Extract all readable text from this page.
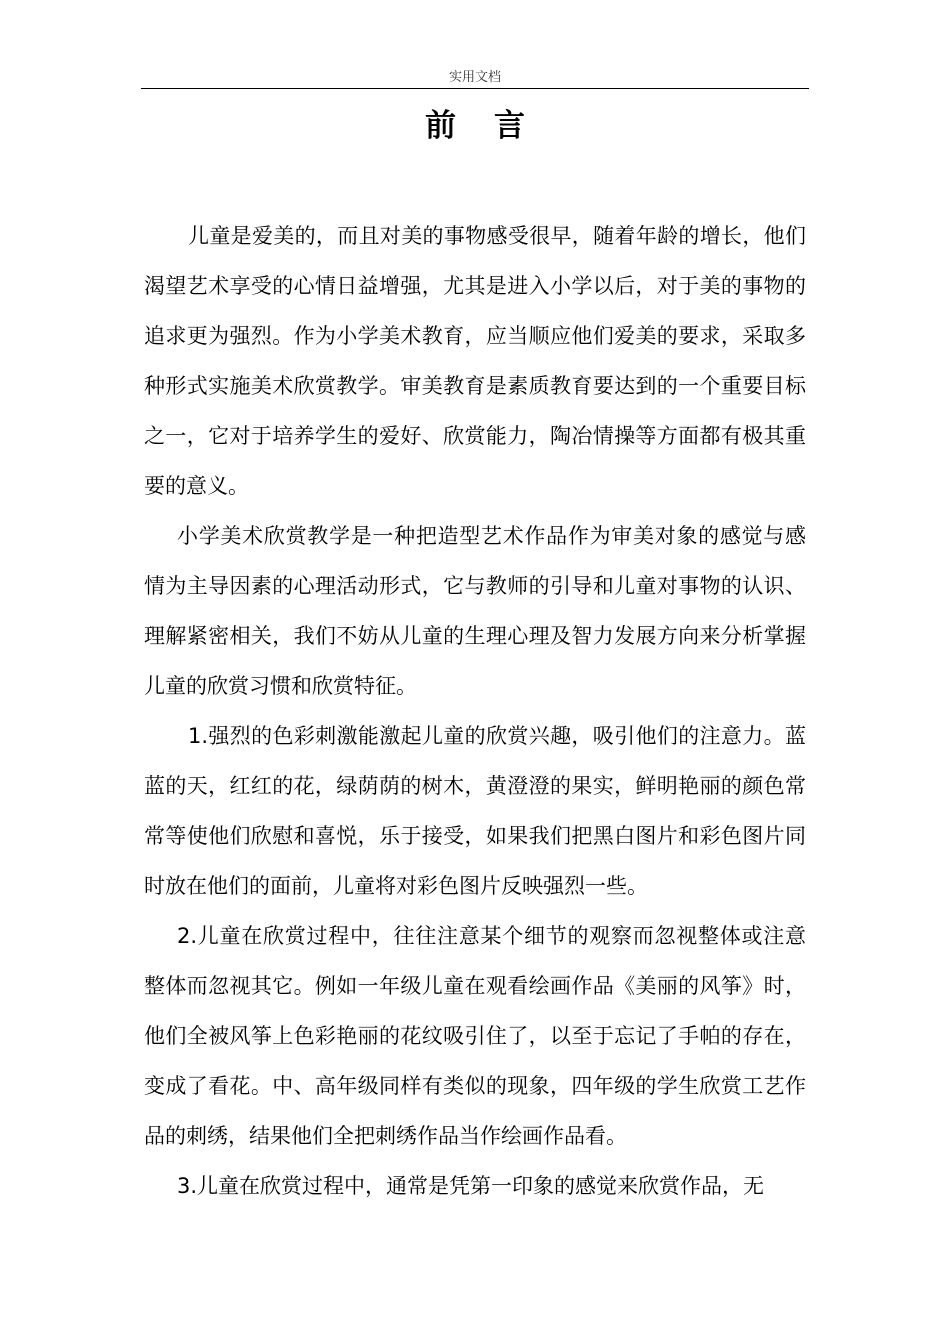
实用文档
前言

儿童是爱美的，而且对美的事物感受很早，随着年龄的增长，他们渴望艺术享受的心情日益增强，尤其是进入小学以后，对于美的事物的追求更为强烈。作为小学美术教育，应当顺应他们爱美的要求，采取多种形式实施美术欣赏教学。审美教育是素质教育要达到的一个重要目标之一，它对于培养学生的爱好、欣赏能力，陶冶情操等方面都有极其重要的意义。

小学美术欣赏教学是一种把造型艺术作品作为审美对象的感觉与感情为主导因素的心理活动形式，它与教师的引导和儿童对事物的认识、理解紧密相关，我们不妨从儿童的生理心理及智力发展方向来分析掌握儿童的欣赏习惯和欣赏特征。

1.强烈的色彩刺激能激起儿童的欣赏兴趣，吸引他们的注意力。蓝蓝的天，红红的花，绿荫荫的树木，黄澄澄的果实，鲜明艳丽的颜色常常等使他们欣慰和喜悦，乐于接受，如果我们把黑白图片和彩色图片同时放在他们的面前，儿童将对彩色图片反映强烈一些。

2.儿童在欣赏过程中，往往注意某个细节的观察而忽视整体或注意整体而忽视其它。例如一年级儿童在观看绘画作品《美丽的风筝》时，他们全被风筝上色彩艳丽的花纹吸引住了，以至于忘记了手帕的存在，变成了看花。中、高年级同样有类似的现象，四年级的学生欣赏工艺作品的刺绣，结果他们全把刺绣作品当作绘画作品看。

3.儿童在欣赏过程中，通常是凭第一印象的感觉来欣赏作品，无
